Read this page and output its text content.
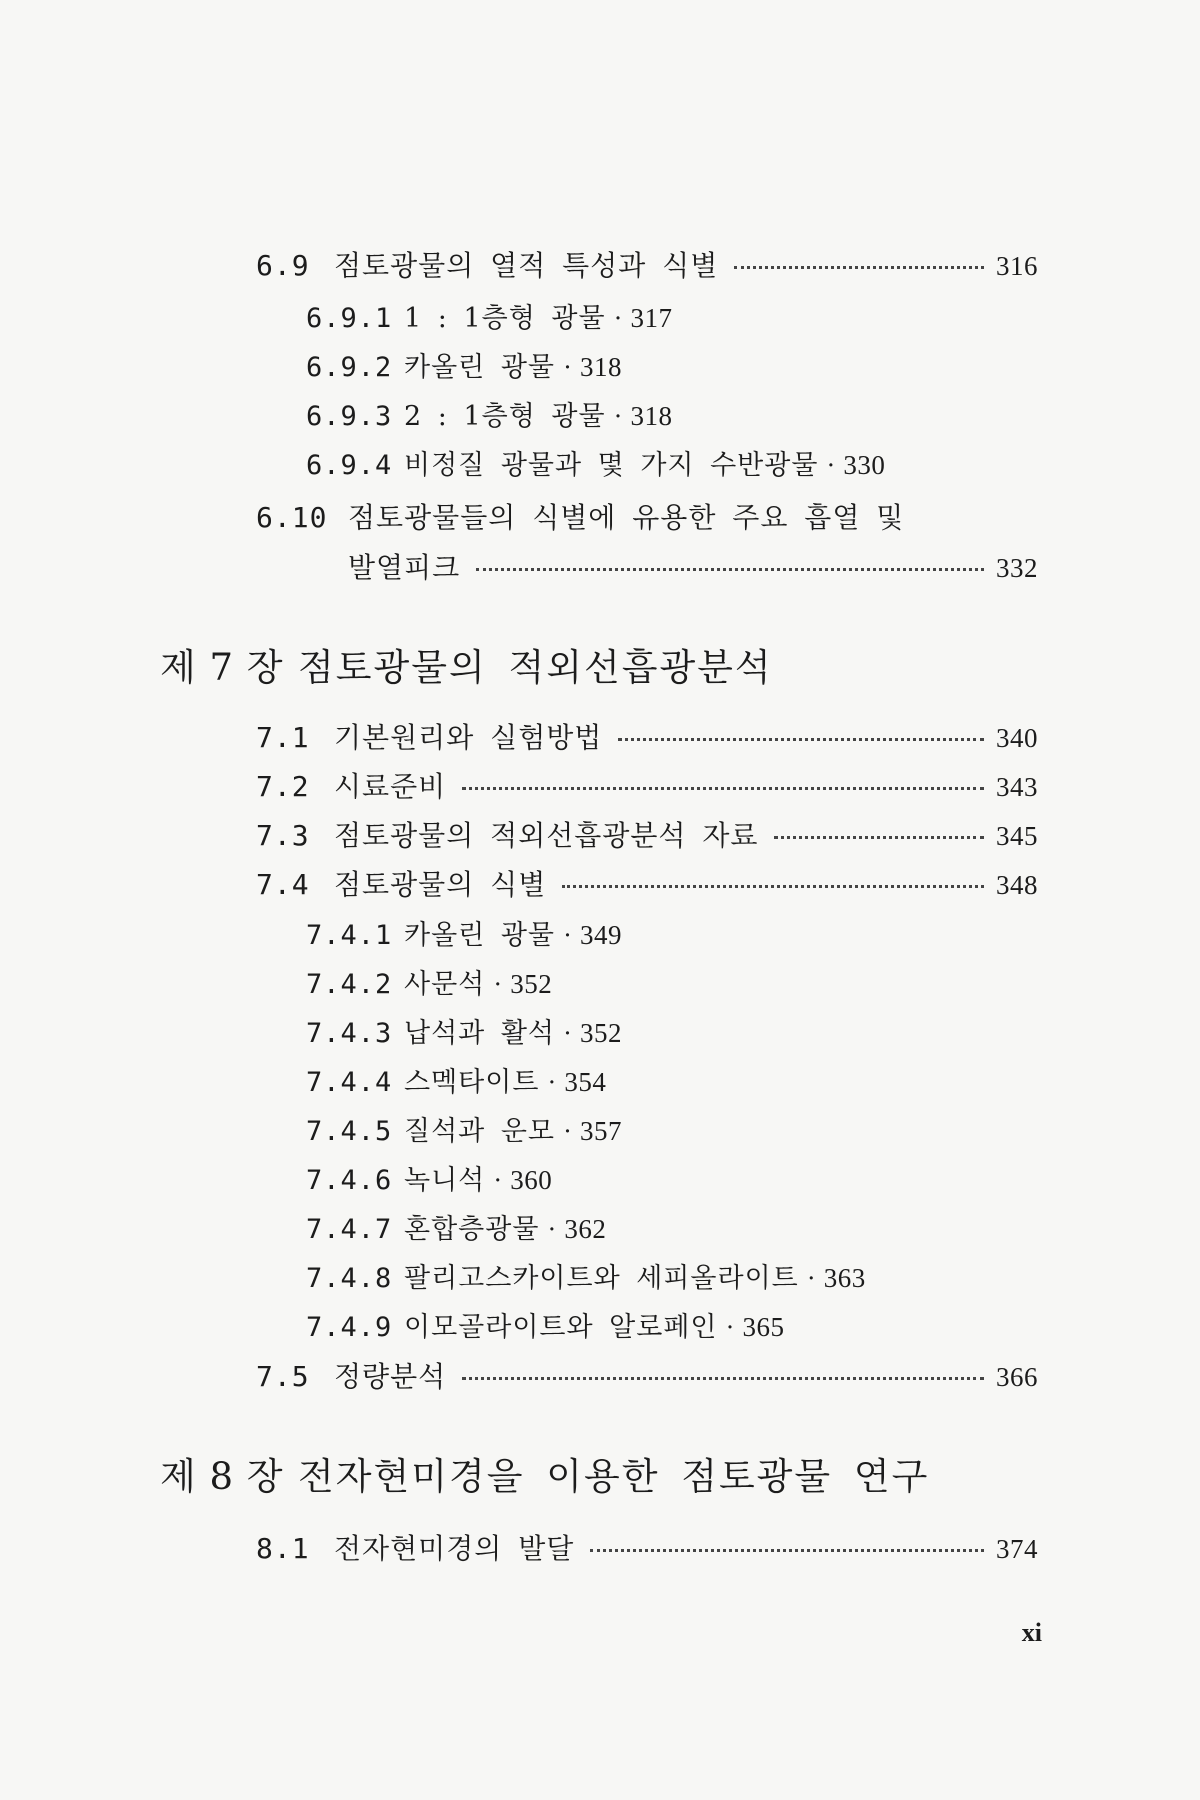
6.9 점토광물의 열적 특성과 식별	316
6.9.1 1 : 1층형 광물 · 317
6.9.2 카올린 광물 · 318
6.9.3 2 : 1층형 광물 · 318
6.9.4 비정질 광물과 몇 가지 수반광물 · 330
6.10 점토광물들의 식별에 유용한 주요 흡열 및
발열피크	332
제 7 장 점토광물의 적외선흡광분석
7.1 기본원리와 실험방법	340
7.2 시료준비	343
7.3 점토광물의 적외선흡광분석 자료	345
7.4 점토광물의 식별	348
7.4.1 카올린 광물 · 349
7.4.2 사문석 · 352
7.4.3 납석과 활석 · 352
7.4.4 스멕타이트 · 354
7.4.5 질석과 운모 · 357
7.4.6 녹니석 · 360
7.4.7 혼합층광물 · 362
7.4.8 팔리고스카이트와 세피올라이트 · 363
7.4.9 이모골라이트와 알로페인 · 365
7.5 정량분석	366
제 8 장 전자현미경을 이용한 점토광물 연구
8.1 전자현미경의 발달	374
xi
